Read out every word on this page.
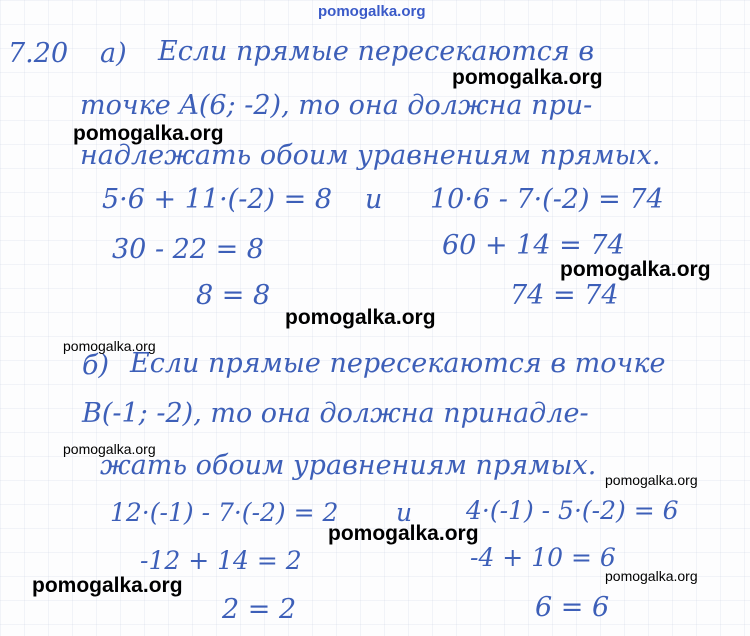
pomogalka.org
7.20 а) Если прямые пересекаются в
точке A(6; -2), то она должна при-
надлежать обоим уравнениям прямых.
5·6 + 11·(-2) = 8 и 10·6 - 7·(-2) = 74
30 - 22 = 8	60 + 14 = 74
8 = 8	74 = 74
б) Если прямые пересекаются в точке
B(-1; -2), то она должна принадле-
жать обоим уравнениям прямых.
12·(-1) - 7·(-2) = 2 и 4·(-1) - 5·(-2) = 6
-12 + 14 = 2	-4 + 10 = 6
2 = 2	6 = 6
pomogalka.org
pomogalka.org
pomogalka.org
pomogalka.org
pomogalka.org
pomogalka.org
pomogalka.org
pomogalka.org
pomogalka.org	pomogalka.org
